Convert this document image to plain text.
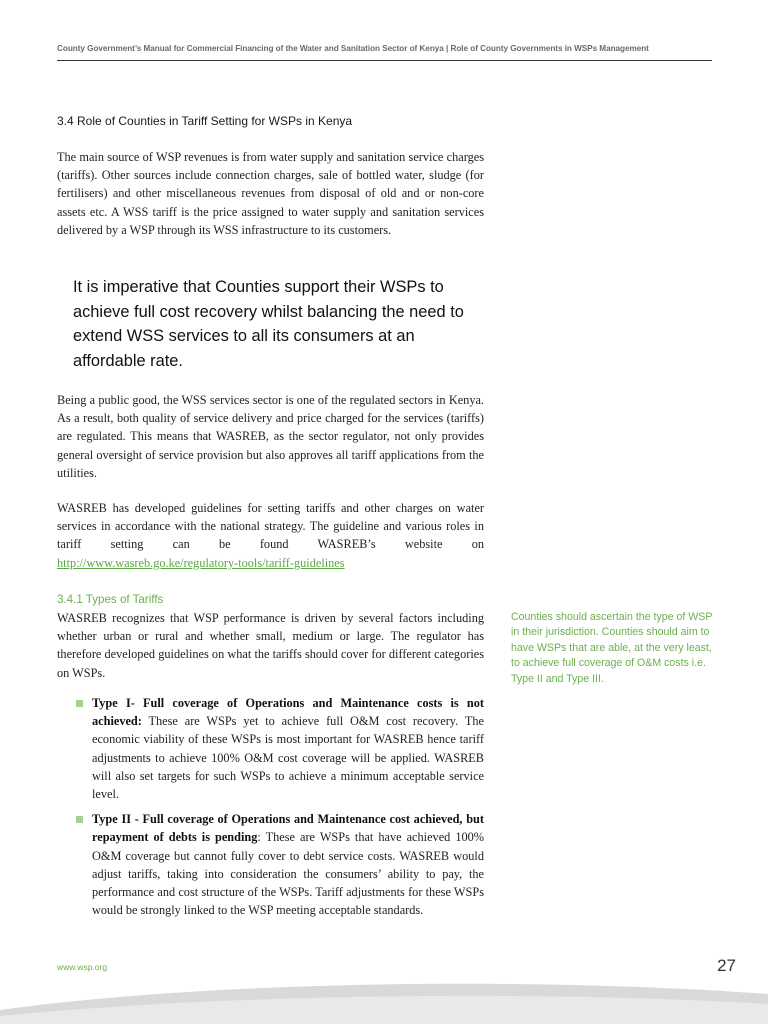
County Government’s Manual for Commercial Financing of the Water and Sanitation Sector of Kenya | Role of County Governments in WSPs Management
3.4 Role of Counties in Tariff Setting for WSPs in Kenya

The main source of WSP revenues is from water supply and sanitation service charges (tariffs). Other sources include connection charges, sale of bottled water, sludge (for fertilisers) and other miscellaneous revenues from disposal of old and or non-core assets etc. A WSS tariff is the price assigned to water supply and sanitation services delivered by a WSP through its WSS infrastructure to its customers.

It is imperative that Counties support their WSPs to achieve full cost recovery whilst balancing the need to extend WSS services to all its consumers at an affordable rate.

Being a public good, the WSS services sector is one of the regulated sectors in Kenya. As a result, both quality of service delivery and price charged for the services (tariffs) are regulated. This means that WASREB, as the sector regulator, not only provides general oversight of service provision but also approves all tariff applications from the utilities.

WASREB has developed guidelines for setting tariffs and other charges on water services in accordance with the national strategy. The guideline and various roles in tariff setting can be found WASREB’s website on http://www.wasreb.go.ke/regulatory-tools/tariff-guidelines

3.4.1 Types of Tariffs

WASREB recognizes that WSP performance is driven by several factors including whether urban or rural and whether small, medium or large. The regulator has therefore developed guidelines on what the tariffs should cover for different categories on WSPs.

Counties should ascertain the type of WSP in their jurisdiction. Counties should aim to have WSPs that are able, at the very least, to achieve full coverage of O&M costs i.e. Type II and Type III.

Type I- Full coverage of Operations and Maintenance costs is not achieved: These are WSPs yet to achieve full O&M cost recovery. The economic viability of these WSPs is most important for WASREB hence tariff adjustments to achieve 100% O&M cost coverage will be applied. WASREB will also set targets for such WSPs to achieve a minimum acceptable service level.
Type II - Full coverage of Operations and Maintenance cost achieved, but repayment of debts is pending: These are WSPs that have achieved 100% O&M coverage but cannot fully cover to debt service costs. WASREB would adjust tariffs, taking into consideration the consumers’ ability to pay, the performance and cost structure of the WSPs. Tariff adjustments for these WSPs would be strongly linked to the WSP meeting acceptable standards.
www.wsp.org	27
